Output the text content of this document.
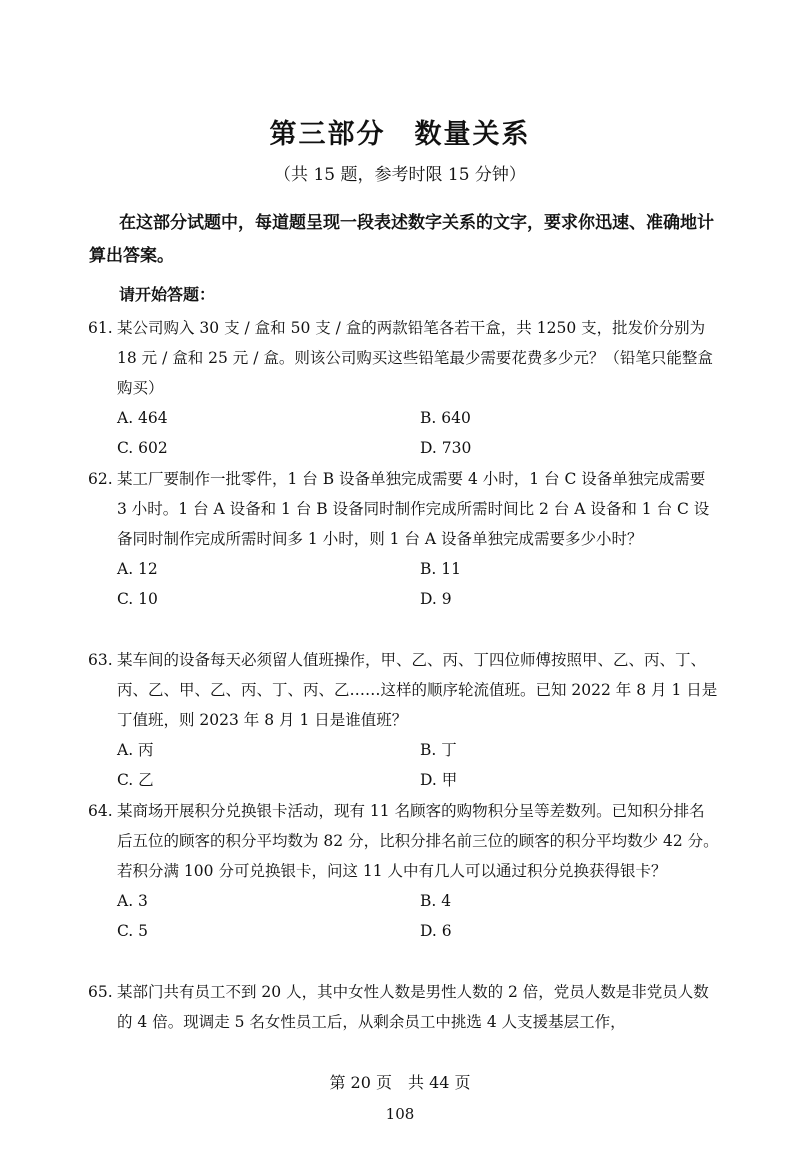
第三部分　数量关系
（共 15 题，参考时限 15 分钟）
在这部分试题中，每道题呈现一段表述数字关系的文字，要求你迅速、准确地计算出答案。
请开始答题：
61. 某公司购入 30 支 / 盒和 50 支 / 盒的两款铅笔各若干盒，共 1250 支，批发价分别为 18 元 / 盒和 25 元 / 盒。则该公司购买这些铅笔最少需要花费多少元？（铅笔只能整盒购买）
A. 464	B. 640
C. 602	D. 730
62. 某工厂要制作一批零件，1 台 B 设备单独完成需要 4 小时，1 台 C 设备单独完成需要 3 小时。1 台 A 设备和 1 台 B 设备同时制作完成所需时间比 2 台 A 设备和 1 台 C 设备同时制作完成所需时间多 1 小时，则 1 台 A 设备单独完成需要多少小时？
A. 12	B. 11
C. 10	D. 9
63. 某车间的设备每天必须留人值班操作，甲、乙、丙、丁四位师傅按照甲、乙、丙、丁、丙、乙、甲、乙、丙、丁、丙、乙……这样的顺序轮流值班。已知 2022 年 8 月 1 日是丁值班，则 2023 年 8 月 1 日是谁值班？
A. 丙	B. 丁
C. 乙	D. 甲
64. 某商场开展积分兑换银卡活动，现有 11 名顾客的购物积分呈等差数列。已知积分排名后五位的顾客的积分平均数为 82 分，比积分排名前三位的顾客的积分平均数少 42 分。若积分满 100 分可兑换银卡，问这 11 人中有几人可以通过积分兑换获得银卡？
A. 3	B. 4
C. 5	D. 6
65. 某部门共有员工不到 20 人，其中女性人数是男性人数的 2 倍，党员人数是非党员人数的 4 倍。现调走 5 名女性员工后，从剩余员工中挑选 4 人支援基层工作，
第 20 页　共 44 页
108
